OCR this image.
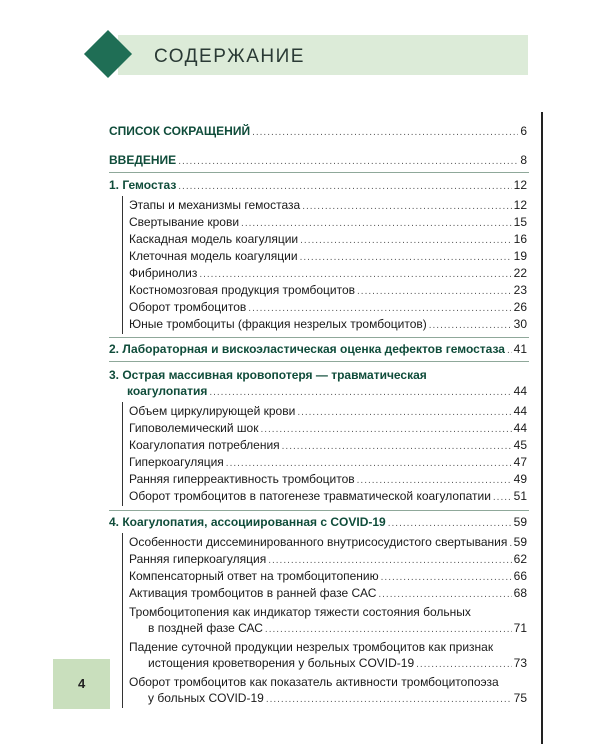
СОДЕРЖАНИЕ
СПИСОК СОКРАЩЕНИЙ .....	6
ВВЕДЕНИЕ .....	8
1. Гемостаз .....	12
Этапы и механизмы гемостаза .....	12
Свертывание крови .....	15
Каскадная модель коагуляции .....	16
Клеточная модель коагуляции .....	19
Фибринолиз .....	22
Костномозговая продукция тромбоцитов .....	23
Оборот тромбоцитов .....	26
Юные тромбоциты (фракция незрелых тромбоцитов) .....	30
2. Лабораторная и вискоэластическая оценка дефектов гемостаза ..... 41
3. Острая массивная кровопотеря — травматическая
коагулопатия .....	44
Объем циркулирующей крови .....	44
Гиповолемический шок .....	44
Коагулопатия потребления .....	45
Гиперкоагуляция .....	47
Ранняя гиперреактивность тромбоцитов .....	49
Оборот тромбоцитов в патогенезе травматической коагулопатии ..... 51
4. Коагулопатия, ассоциированная с COVID-19 .....	59
Особенности диссеминированного внутрисосудистого свертывания ..... 59
Ранняя гиперкоагуляция .....	62
Компенсаторный ответ на тромбоцитопению .....	66
Активация тромбоцитов в ранней фазе САС .....	68
Тромбоцитопения как индикатор тяжести состояния больных
в поздней фазе САС .....	71
Падение суточной продукции незрелых тромбоцитов как признак
истощения кроветворения у больных COVID-19 .....	73
Оборот тромбоцитов как показатель активности тромбоцитопоэза
у больных COVID-19 .....	75
4
